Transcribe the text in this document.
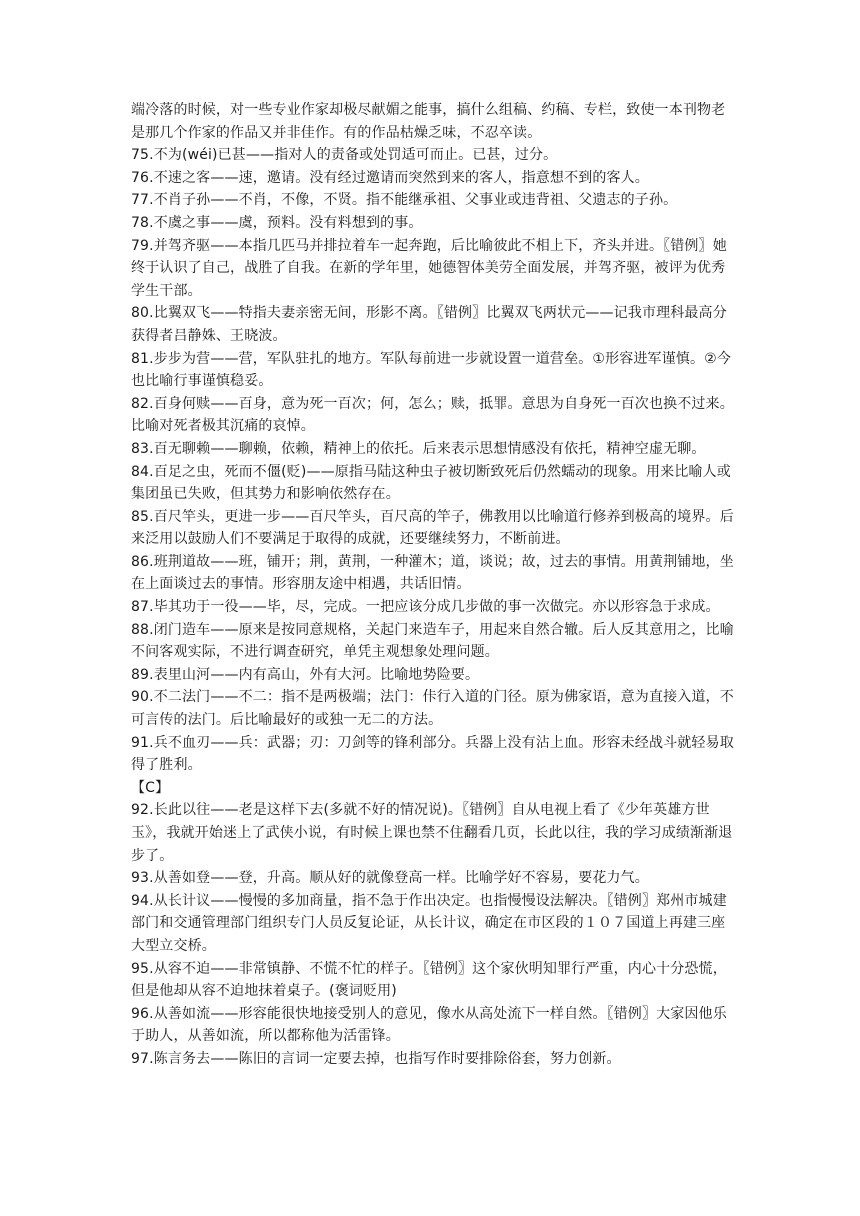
端冷落的时候，对一些专业作家却极尽献媚之能事，搞什么组稿、约稿、专栏，致使一本刊物老是那几个作家的作品又并非佳作。有的作品枯燥乏味，不忍卒读。

75.不为(wéi)已甚——指对人的责备或处罚适可而止。已甚，过分。

76.不速之客——速，邀请。没有经过邀请而突然到来的客人，指意想不到的客人。

77.不肖子孙——不肖，不像，不贤。指不能继承祖、父事业或违背祖、父遗志的子孙。

78.不虞之事——虞，预料。没有料想到的事。

79.并驾齐驱——本指几匹马并排拉着车一起奔跑，后比喻彼此不相上下，齐头并进。〖错例〗她终于认识了自己，战胜了自我。在新的学年里，她德智体美劳全面发展，并驾齐驱，被评为优秀学生干部。

80.比翼双飞——特指夫妻亲密无间，形影不离。〖错例〗比翼双飞两状元——记我市理科最高分获得者吕静姝、王晓波。

81.步步为营——营，军队驻扎的地方。军队每前进一步就设置一道营垒。①形容进军谨慎。②今也比喻行事谨慎稳妥。

82.百身何赎——百身，意为死一百次；何，怎么；赎，抵罪。意思为自身死一百次也换不过来。比喻对死者极其沉痛的哀悼。

83.百无聊赖——聊赖，依赖，精神上的依托。后来表示思想情感没有依托，精神空虚无聊。

84.百足之虫，死而不僵(贬)——原指马陆这种虫子被切断致死后仍然蠕动的现象。用来比喻人或集团虽已失败，但其势力和影响依然存在。

85.百尺竿头，更进一步——百尺竿头，百尺高的竿子，佛教用以比喻道行修养到极高的境界。后来泛用以鼓励人们不要满足于取得的成就，还要继续努力，不断前进。

86.班荆道故——班，铺开；荆，黄荆，一种灌木；道，谈说；故，过去的事情。用黄荆铺地，坐在上面谈过去的事情。形容朋友途中相遇，共话旧情。

87.毕其功于一役——毕，尽，完成。一把应该分成几步做的事一次做完。亦以形容急于求成。

88.闭门造车——原来是按同意规格，关起门来造车子，用起来自然合辙。后人反其意用之，比喻不问客观实际，不进行调查研究，单凭主观想象处理问题。

89.表里山河——内有高山，外有大河。比喻地势险要。

90.不二法门——不二：指不是两极端；法门：佧行入道的门径。原为佛家语，意为直接入道，不可言传的法门。后比喻最好的或独一无二的方法。

91.兵不血刃——兵：武器；刃：刀剑等的锋利部分。兵器上没有沾上血。形容未经战斗就轻易取得了胜利。

【C】

92.长此以往——老是这样下去(多就不好的情况说)。〖错例〗自从电视上看了《少年英雄方世玉》，我就开始迷上了武侠小说，有时候上课也禁不住翻看几页，长此以往，我的学习成绩渐渐退步了。

93.从善如登——登，升高。顺从好的就像登高一样。比喻学好不容易，要花力气。

94.从长计议——慢慢的多加商量，指不急于作出决定。也指慢慢设法解决。〖错例〗郑州市城建部门和交通管理部门组织专门人员反复论证，从长计议，确定在市区段的１０７国道上再建三座大型立交桥。

95.从容不迫——非常镇静、不慌不忙的样子。〖错例〗这个家伙明知罪行严重，内心十分恐慌，但是他却从容不迫地抹着桌子。(褒词贬用)

96.从善如流——形容能很快地接受别人的意见，像水从高处流下一样自然。〖错例〗大家因他乐于助人，从善如流，所以都称他为活雷锋。

97.陈言务去——陈旧的言词一定要去掉，也指写作时要排除俗套，努力创新。
